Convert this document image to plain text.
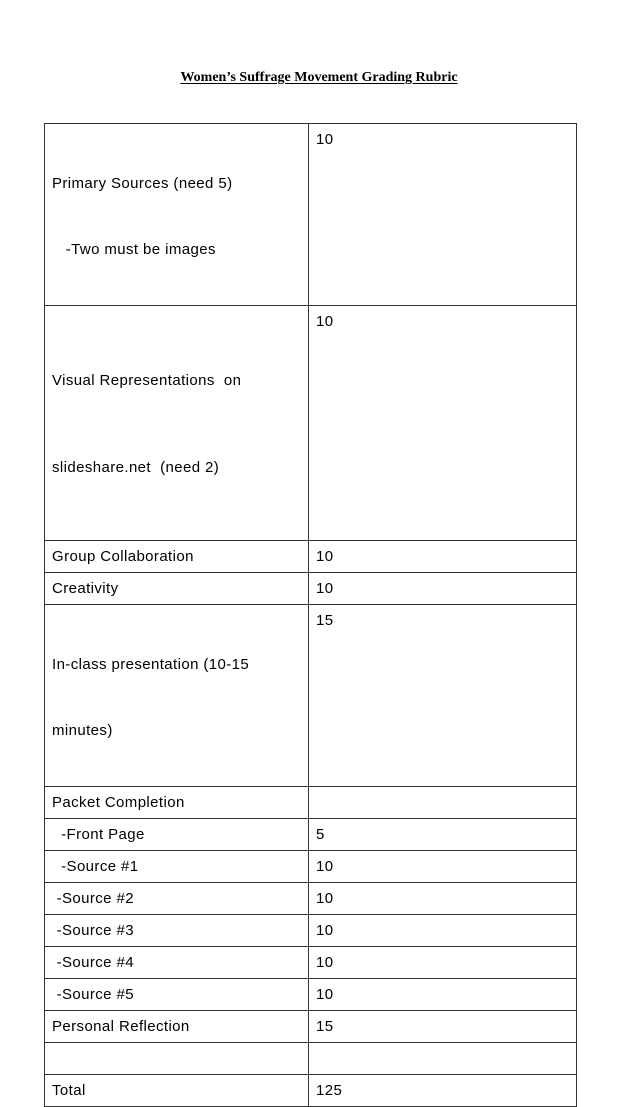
Women’s Suffrage Movement Grading Rubric

Primary Sources (need 5)

-Two must be images	10

Visual Representations  on

slideshare.net  (need 2)	10
Group Collaboration	10
Creativity	10

In-class presentation (10-15

minutes)	15
Packet Completion	
-Front Page	5
-Source #1	10
-Source #2	10
-Source #3	10
-Source #4	10
-Source #5	10
Personal Reflection	15

Total	125
